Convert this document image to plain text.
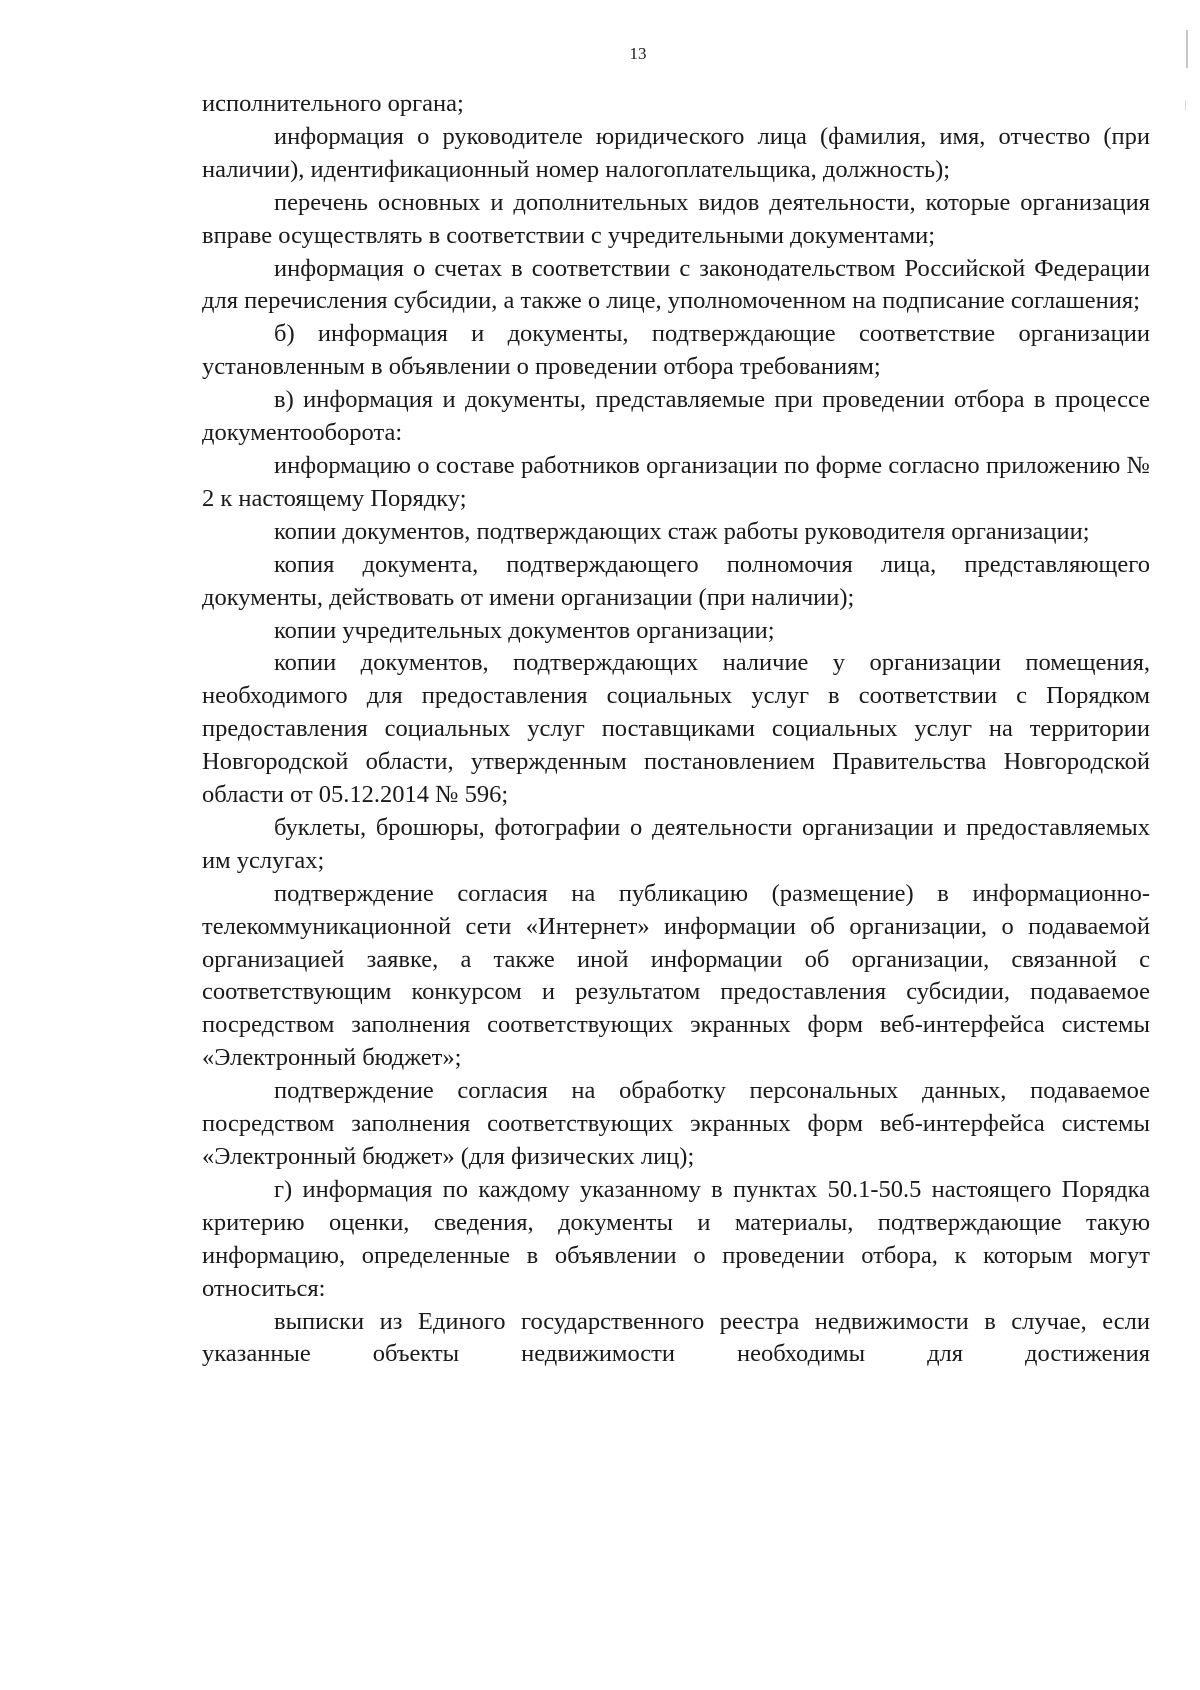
13

исполнительного органа;

информация о руководителе юридического лица (фамилия, имя, отчество (при наличии), идентификационный номер налогоплательщика, должность);

перечень основных и дополнительных видов деятельности, которые организация вправе осуществлять в соответствии с учредительными документами;

информация о счетах в соответствии с законодательством Российской Федерации для перечисления субсидии, а также о лице, уполномоченном на подписание соглашения;

б) информация и документы, подтверждающие соответствие организации установленным в объявлении о проведении отбора требованиям;

в) информация и документы, представляемые при проведении отбора в процессе документооборота:

информацию о составе работников организации по форме согласно приложению № 2 к настоящему Порядку;

копии документов, подтверждающих стаж работы руководителя организации;

копия документа, подтверждающего полномочия лица, представляющего документы, действовать от имени организации (при наличии);

копии учредительных документов организации;

копии документов, подтверждающих наличие у организации помещения, необходимого для предоставления социальных услуг в соответствии с Порядком предоставления социальных услуг поставщиками социальных услуг на территории Новгородской области, утвержденным постановлением Правительства Новгородской области от 05.12.2014 № 596;

буклеты, брошюры, фотографии о деятельности организации и предоставляемых им услугах;

подтверждение согласия на публикацию (размещение) в информационно-телекоммуникационной сети «Интернет» информации об организации, о подаваемой организацией заявке, а также иной информации об организации, связанной с соответствующим конкурсом и результатом предоставления субсидии, подаваемое посредством заполнения соответствующих экранных форм веб-интерфейса системы «Электронный бюджет»;

подтверждение согласия на обработку персональных данных, подаваемое посредством заполнения соответствующих экранных форм веб-интерфейса системы «Электронный бюджет» (для физических лиц);

г) информация по каждому указанному в пунктах 50.1-50.5 настоящего Порядка критерию оценки, сведения, документы и материалы, подтверждающие такую информацию, определенные в объявлении о проведении отбора, к которым могут относиться:

выписки из Единого государственного реестра недвижимости в случае, если указанные объекты недвижимости необходимы для достижения
